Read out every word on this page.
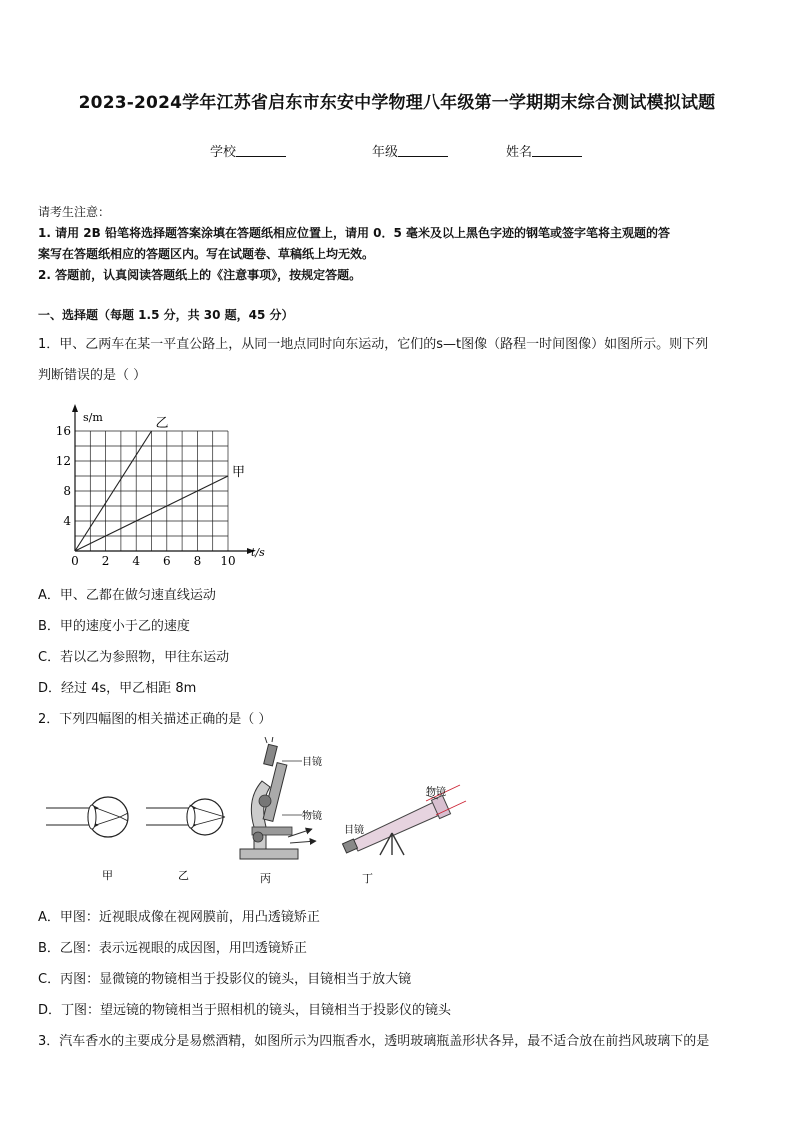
2023-2024学年江苏省启东市东安中学物理八年级第一学期期末综合测试模拟试题
学校	年级	姓名
请考生注意：
1. 请用 2B 铅笔将选择题答案涂填在答题纸相应位置上，请用 0．5 毫米及以上黑色字迹的钢笔或签字笔将主观题的答
案写在答题纸相应的答题区内。写在试题卷、草稿纸上均无效。
2. 答题前，认真阅读答题纸上的《注意事项》，按规定答题。
一、选择题（每题 1.5 分，共 30 题，45 分）
1．甲、乙两车在某一平直公路上，从同一地点同时向东运动，它们的s—t图像（路程一时间图像）如图所示。则下列
判断错误的是（ ）
0 2 4 6 8 10
4
8
12
16	乙
甲
s/m
t/s
A．甲、乙都在做匀速直线运动
B．甲的速度小于乙的速度
C．若以乙为参照物，甲往东运动
D．经过 4s，甲乙相距 8m
2．下列四幅图的相关描述正确的是（ ）
甲	乙
目镜
物镜
丙
物镜
目镜
丁
A．甲图：近视眼成像在视网膜前，用凸透镜矫正
B．乙图：表示远视眼的成因图，用凹透镜矫正
C．丙图：显微镜的物镜相当于投影仪的镜头，目镜相当于放大镜
D．丁图：望远镜的物镜相当于照相机的镜头，目镜相当于投影仪的镜头
3．汽车香水的主要成分是易燃酒精，如图所示为四瓶香水，透明玻璃瓶盖形状各异，最不适合放在前挡风玻璃下的是
